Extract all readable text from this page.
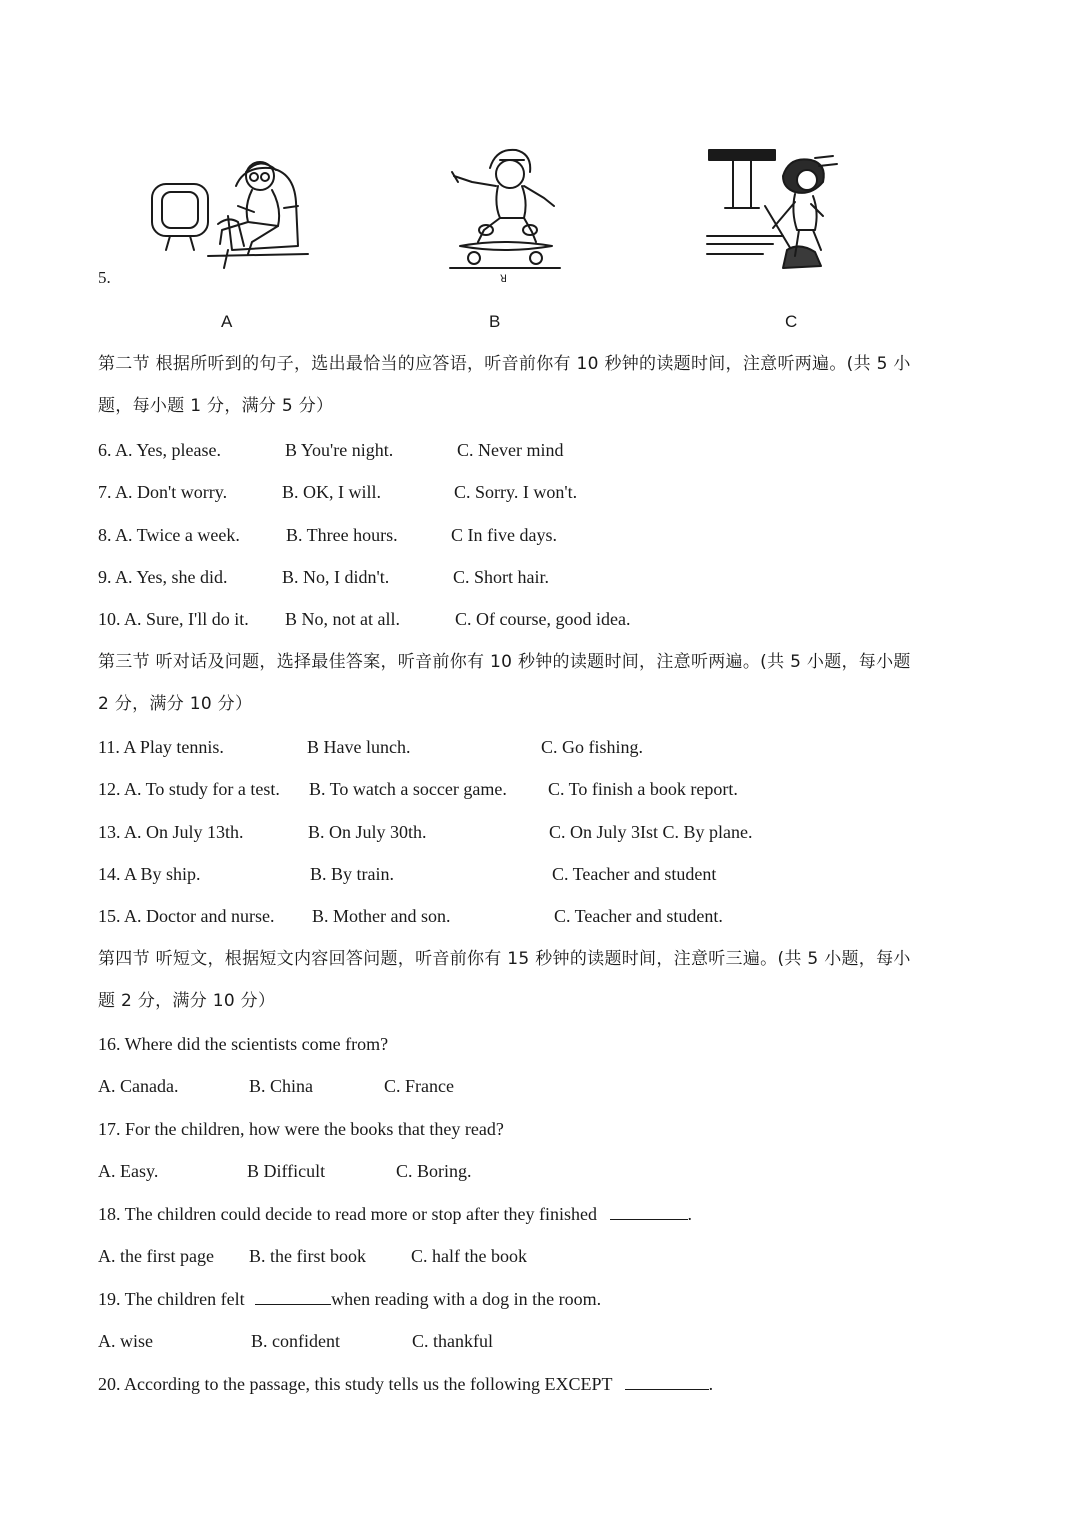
5.	ꓤ
A	B	C
第二节 根据所听到的句子，选出最恰当的应答语，听音前你有 10 秒钟的读题时间，注意听两遍。(共 5 小
题，每小题 1 分，满分 5 分）
6. A. Yes, please.	B You're night.	C. Never mind
7. A. Don't worry.	B. OK, I will.	C. Sorry. I won't.
8. A. Twice a week.	B. Three hours.	C In five days.
9. A. Yes, she did.	B. No, I didn't.	C. Short hair.
10. A. Sure, I'll do it. B No, not at all.	C. Of course, good idea.
第三节 听对话及问题，选择最佳答案，听音前你有 10 秒钟的读题时间，注意听两遍。(共 5 小题，每小题
2 分，满分 10 分）
11. A Play tennis.	B Have lunch.	C. Go fishing.
12. A. To study for a test. B. To watch a soccer game. C. To finish a book report.
13. A. On July 13th.	B. On July 30th.	C. On July 3Ist C. By plane.
14. A By ship.	B. By train.	C. Teacher and student
15. A. Doctor and nurse. B. Mother and son.	C. Teacher and student.
第四节 听短文，根据短文内容回答问题，听音前你有 15 秒钟的读题时间，注意听三遍。(共 5 小题，每小
题 2 分，满分 10 分）
16. Where did the scientists come from?
A. Canada.	B. China	C. France
17. For the children, how were the books that they read?
A. Easy.	B Difficult	C. Boring.
18. The children could decide to read more or stop after they finished	.
A. the first page B. the first book	C. half the book
19. The children felt	when reading with a dog in the room.
A. wise	B. confident	C. thankful
20. According to the passage, this study tells us the following EXCEPT	.
